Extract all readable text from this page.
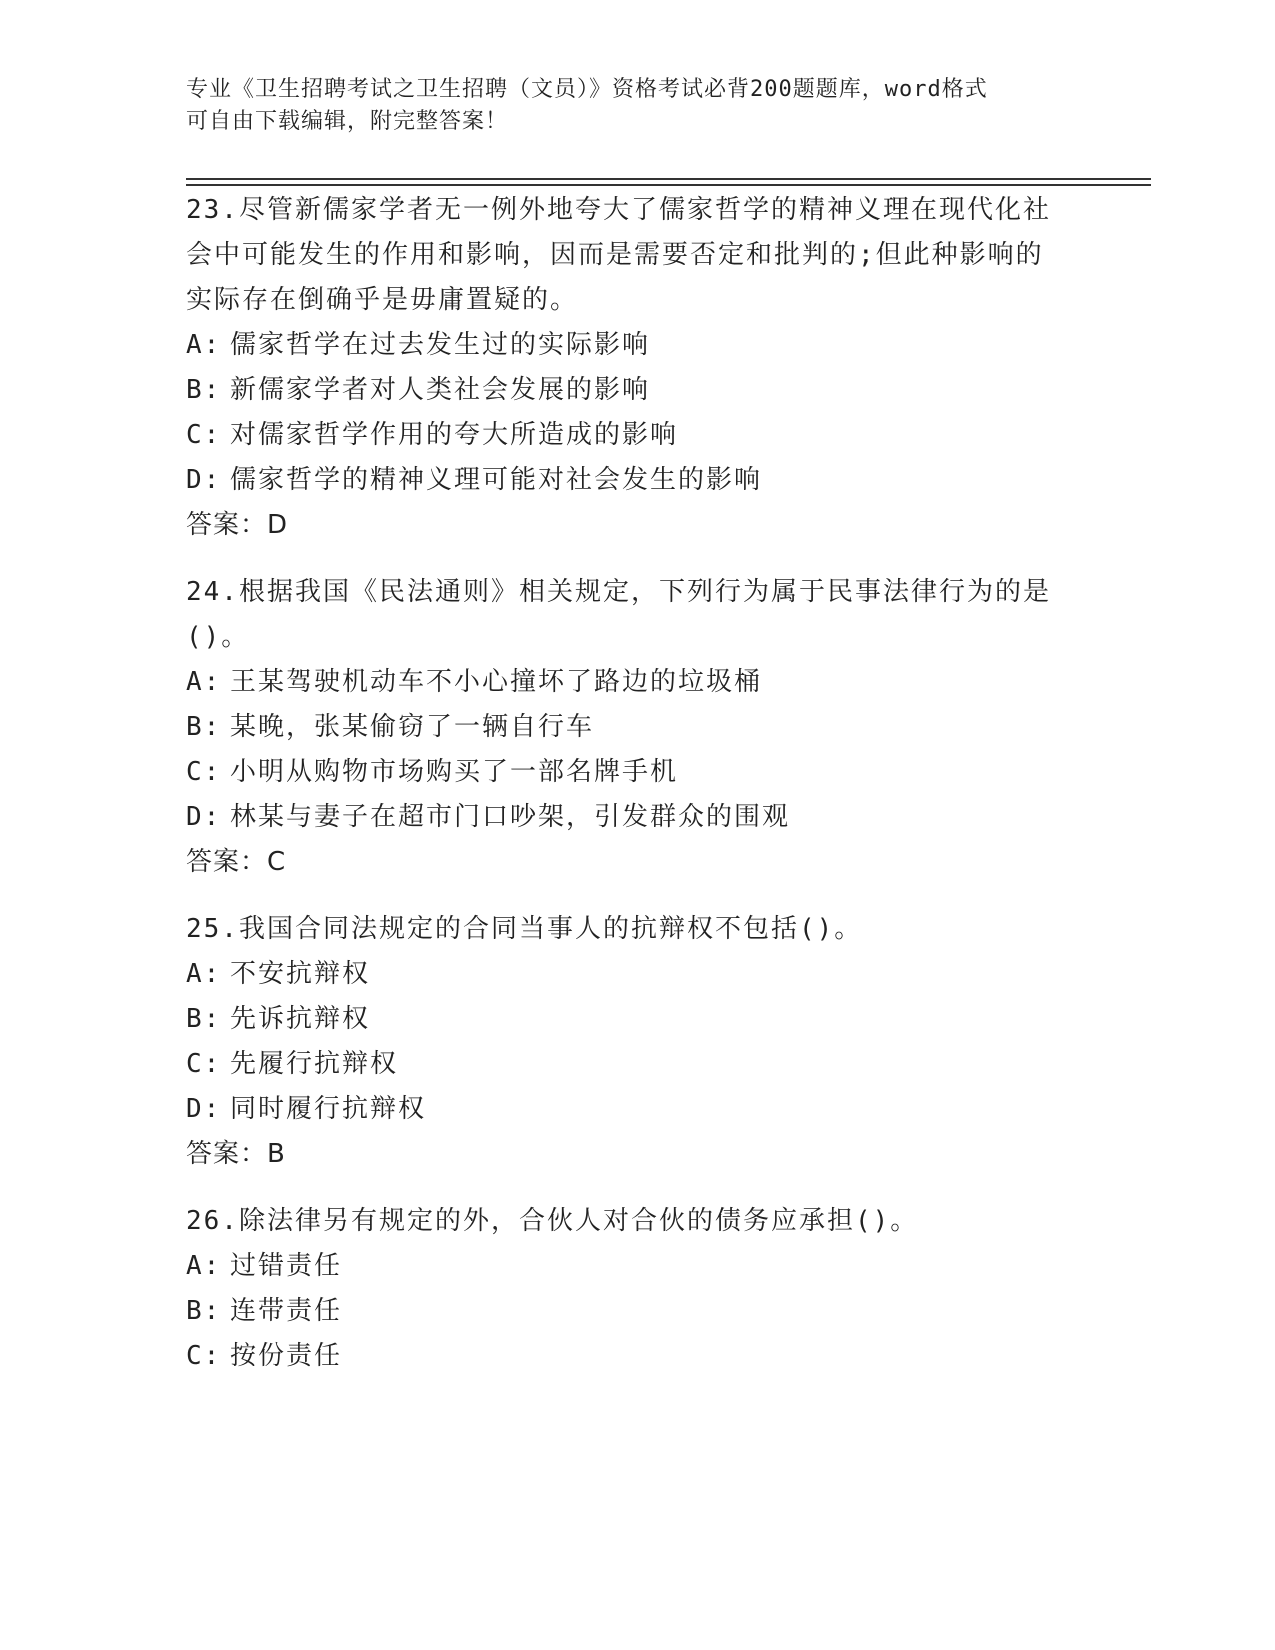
专业《卫生招聘考试之卫生招聘（文员）》资格考试必背200题题库，word格式
可自由下载编辑，附完整答案！
23.尽管新儒家学者无一例外地夸大了儒家哲学的精神义理在现代化社
会中可能发生的作用和影响，因而是需要否定和批判的;但此种影响的
实际存在倒确乎是毋庸置疑的。
A: 儒家哲学在过去发生过的实际影响
B: 新儒家学者对人类社会发展的影响
C: 对儒家哲学作用的夸大所造成的影响
D: 儒家哲学的精神义理可能对社会发生的影响
答案：D
24.根据我国《民法通则》相关规定，下列行为属于民事法律行为的是
()。
A: 王某驾驶机动车不小心撞坏了路边的垃圾桶
B: 某晚，张某偷窃了一辆自行车
C: 小明从购物市场购买了一部名牌手机
D: 林某与妻子在超市门口吵架，引发群众的围观
答案：C
25.我国合同法规定的合同当事人的抗辩权不包括()。
A: 不安抗辩权
B: 先诉抗辩权
C: 先履行抗辩权
D: 同时履行抗辩权
答案：B
26.除法律另有规定的外，合伙人对合伙的债务应承担()。
A: 过错责任
B: 连带责任
C: 按份责任
